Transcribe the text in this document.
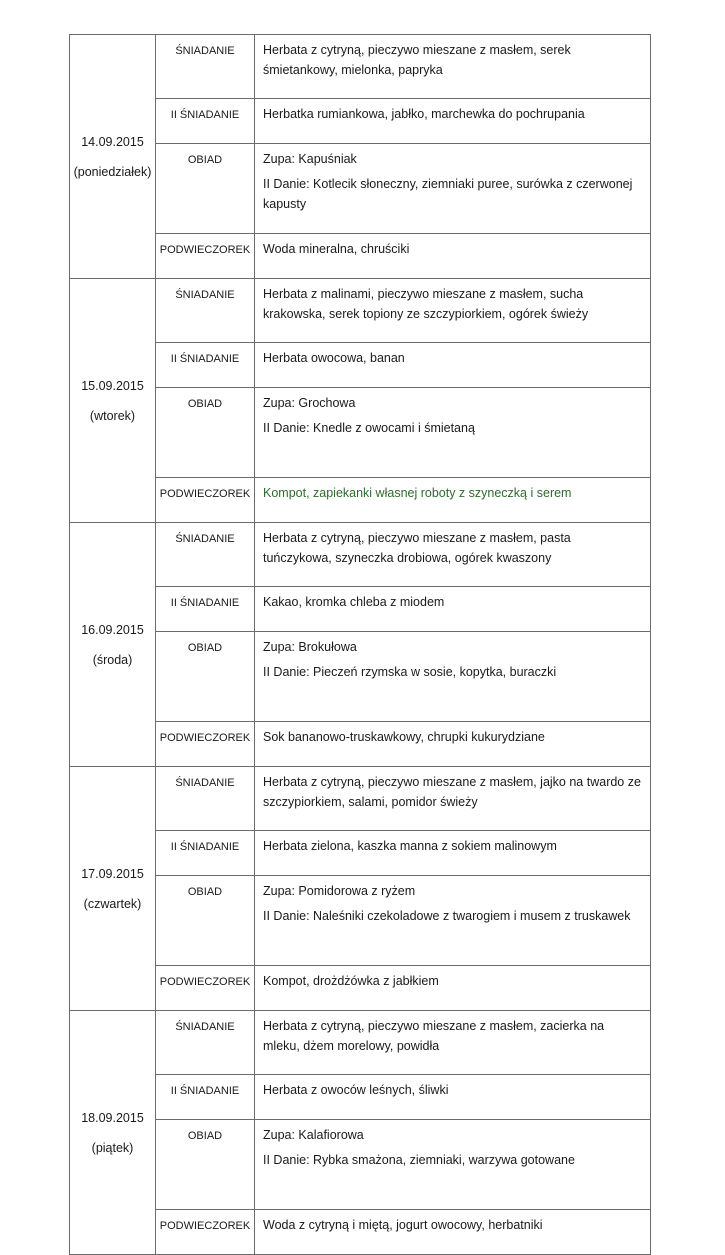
14.09.2015
(poniedziałek)	ŚNIADANIE	Herbata z cytryną, pieczywo mieszane z masłem, serek śmietankowy, mielonka, papryka

	II ŚNIADANIE	Herbatka rumiankowa, jabłko, marchewka do pochrupania

	OBIAD	Zupa: Kapuśniak
II Danie: Kotlecik słoneczny, ziemniaki puree, surówka z czerwonej kapusty

	PODWIECZOREK	Woda mineralna, chruściki

15.09.2015
(wtorek)	ŚNIADANIE	Herbata z malinami, pieczywo mieszane z masłem, sucha krakowska, serek topiony ze szczypiorkiem, ogórek świeży

	II ŚNIADANIE	Herbata owocowa, banan

	OBIAD	Zupa: Grochowa
II Danie: Knedle z owocami i śmietaną

	PODWIECZOREK	Kompot, zapiekanki własnej roboty z szyneczką i serem

16.09.2015
(środa)	ŚNIADANIE	Herbata z cytryną, pieczywo mieszane z masłem, pasta tuńczykowa, szyneczka drobiowa, ogórek kwaszony

	II ŚNIADANIE	Kakao, kromka chleba z miodem

	OBIAD	Zupa: Brokułowa
II Danie: Pieczeń rzymska w sosie, kopytka, buraczki

	PODWIECZOREK	Sok bananowo-truskawkowy, chrupki kukurydziane

17.09.2015
(czwartek)	ŚNIADANIE	Herbata z cytryną, pieczywo mieszane z masłem, jajko na twardo ze szczypiorkiem, salami, pomidor świeży

	II ŚNIADANIE	Herbata zielona, kaszka manna z sokiem malinowym

	OBIAD	Zupa: Pomidorowa z ryżem
II Danie: Naleśniki czekoladowe z twarogiem i musem z truskawek

	PODWIECZOREK	Kompot, drożdżówka z jabłkiem

18.09.2015
(piątek)	ŚNIADANIE	Herbata z cytryną, pieczywo mieszane z masłem, zacierka na mleku, dżem morelowy, powidła

	II ŚNIADANIE	Herbata z owoców leśnych, śliwki

	OBIAD	Zupa: Kalafiorowa
II Danie: Rybka smażona, ziemniaki, warzywa gotowane

	PODWIECZOREK	Woda z cytryną i miętą, jogurt owocowy, herbatniki
